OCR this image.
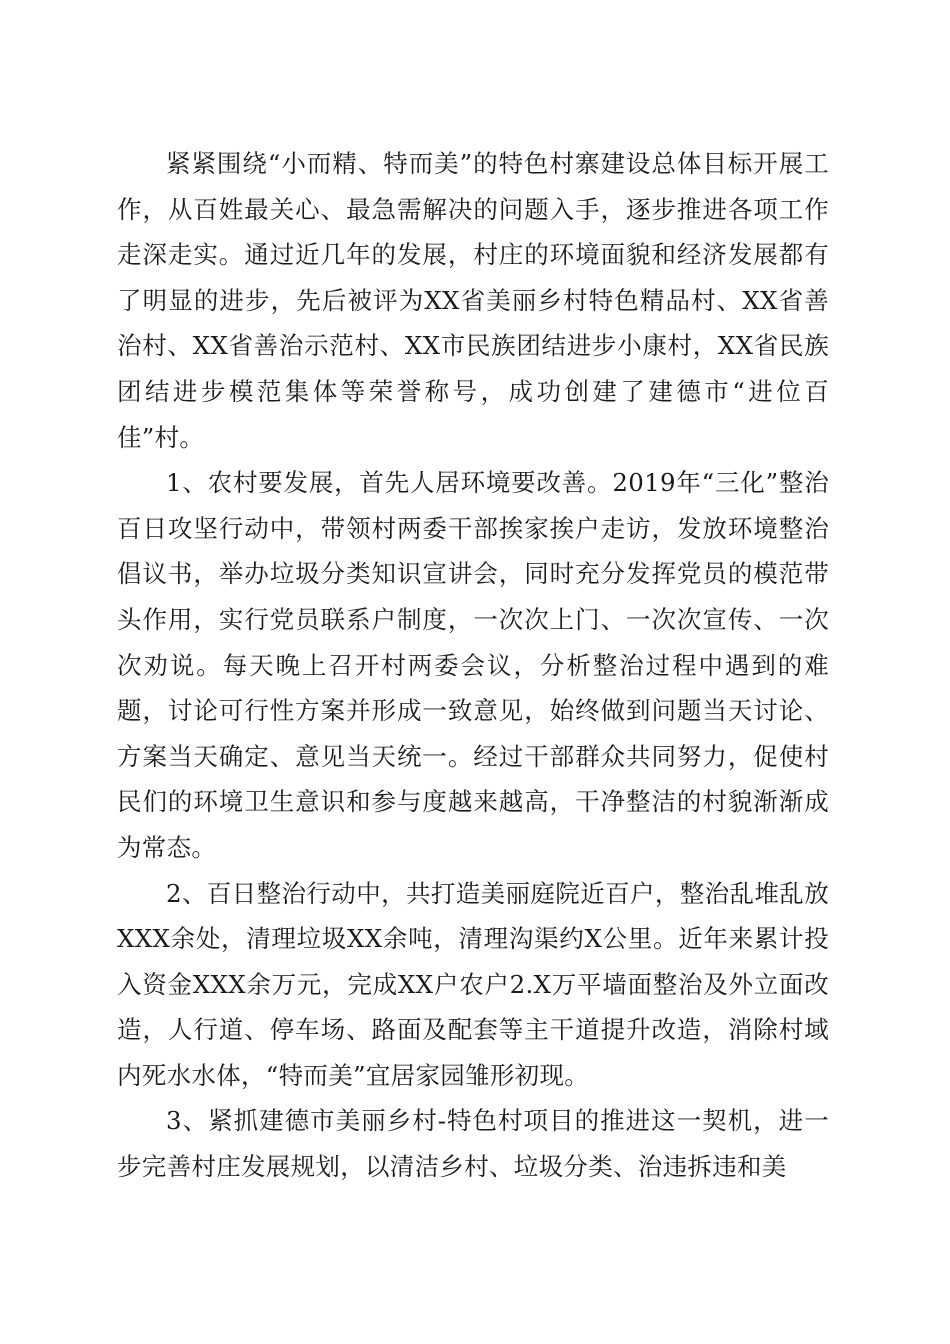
紧紧围绕“小而精、特而美”的特色村寨建设总体目标开展工作，从百姓最关心、最急需解决的问题入手，逐步推进各项工作走深走实。通过近几年的发展，村庄的环境面貌和经济发展都有了明显的进步，先后被评为XX省美丽乡村特色精品村、XX省善治村、XX省善治示范村、XX市民族团结进步小康村，XX省民族团结进步模范集体等荣誉称号，成功创建了建德市“进位百佳”村。

1、农村要发展，首先人居环境要改善。2019年“三化”整治百日攻坚行动中，带领村两委干部挨家挨户走访，发放环境整治倡议书，举办垃圾分类知识宣讲会，同时充分发挥党员的模范带头作用，实行党员联系户制度，一次次上门、一次次宣传、一次次劝说。每天晚上召开村两委会议，分析整治过程中遇到的难题，讨论可行性方案并形成一致意见，始终做到问题当天讨论、方案当天确定、意见当天统一。经过干部群众共同努力，促使村民们的环境卫生意识和参与度越来越高，干净整洁的村貌渐渐成为常态。

2、百日整治行动中，共打造美丽庭院近百户，整治乱堆乱放XXX余处，清理垃圾XX余吨，清理沟渠约X公里。近年来累计投入资金XXX余万元，完成XX户农户2.X万平墙面整治及外立面改造，人行道、停车场、路面及配套等主干道提升改造，消除村域内死水水体，“特而美”宜居家园雏形初现。

3、紧抓建德市美丽乡村-特色村项目的推进这一契机，进一步完善村庄发展规划，以清洁乡村、垃圾分类、治违拆违和美
